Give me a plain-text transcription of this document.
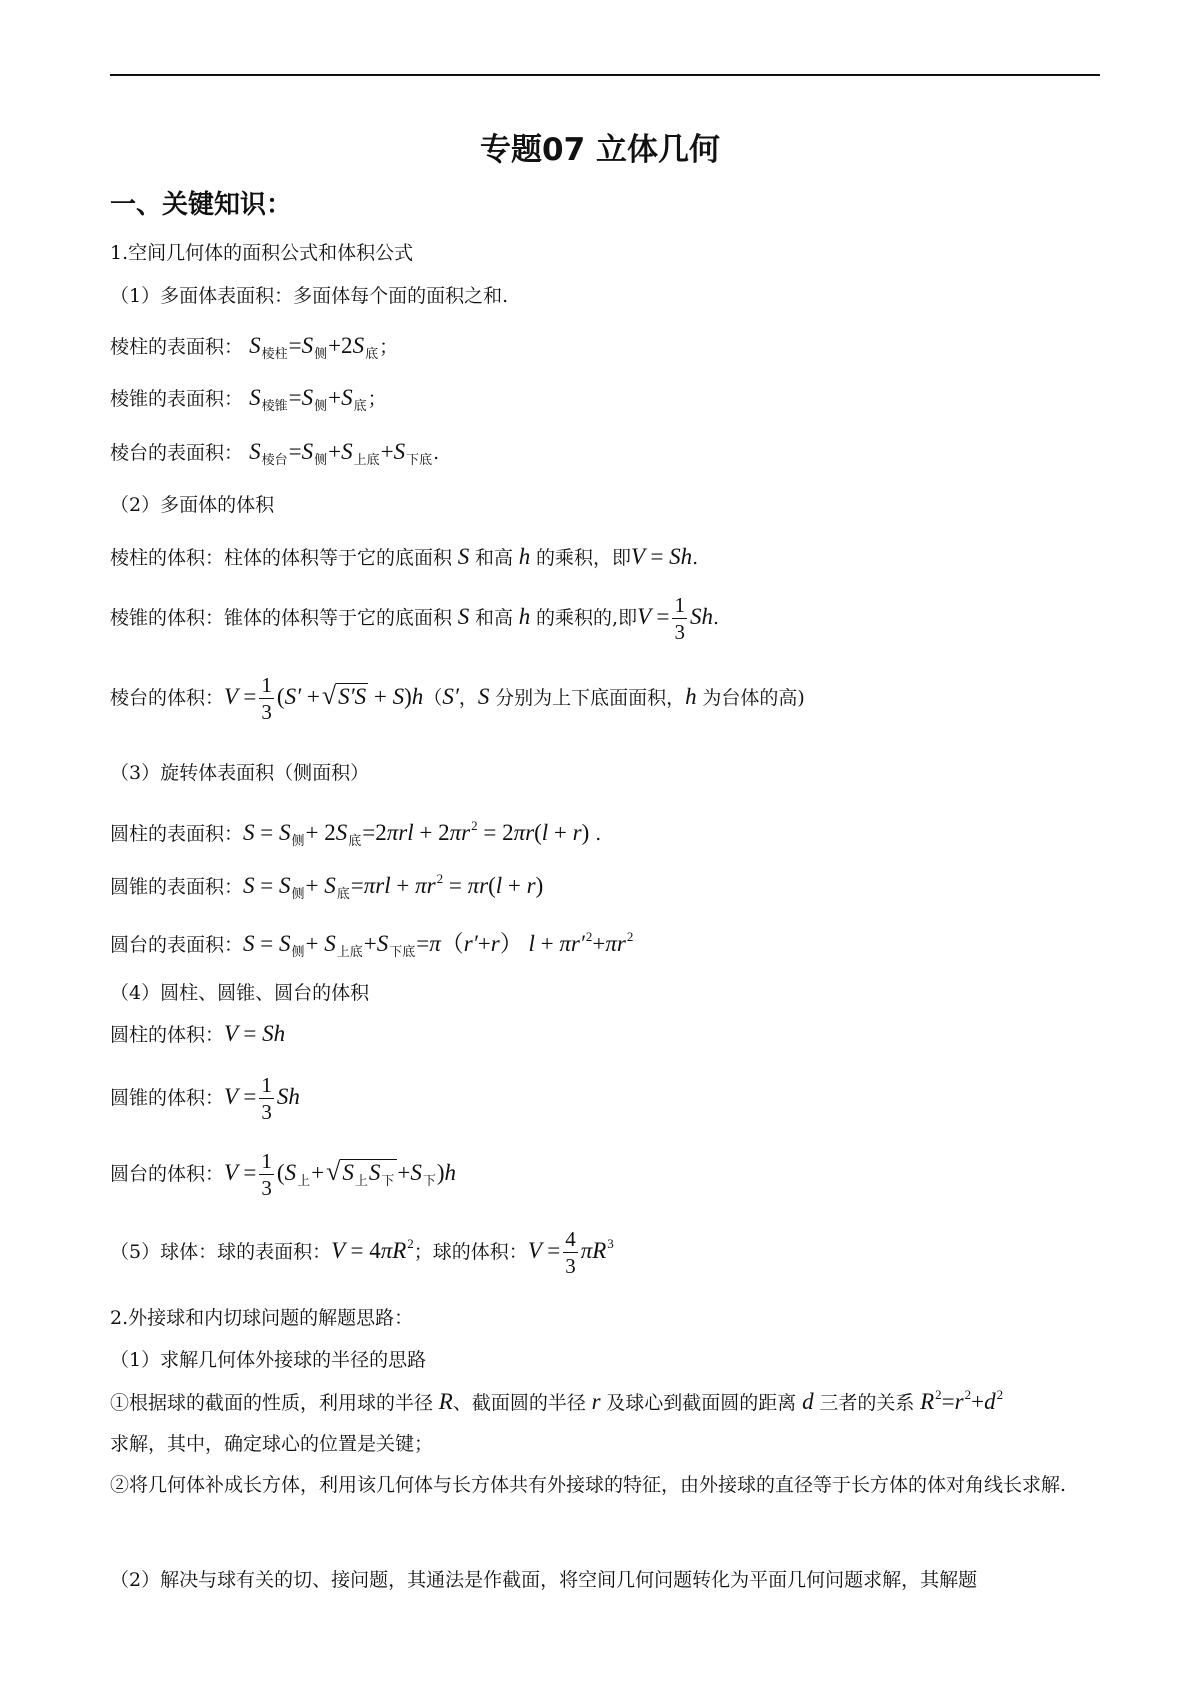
专题07 立体几何
一、关键知识：
1.空间几何体的面积公式和体积公式
（1）多面体表面积：多面体每个面的面积之和.
棱柱的表面积： $S_{棱柱}=S_侧+2S_底$；
棱锥的表面积： $S_{棱锥}=S_侧+S_底$；
棱台的表面积： $S_{棱台}=S_侧+S_{上底}+S_{下底}$.
（2）多面体的体积
棱柱的体积：柱体的体积等于它的底面积 S 和高 h 的乘积，即V = Sh.
棱锥的体积：锥体的体积等于它的底面积 S 和高 h 的乘积的,即$V = \frac{1}{3} Sh$.
棱台的体积：$V = \frac{1}{3} (S' +√S'S + S)h(S'$，S 分别为上下底面面积，h 为台体的高)
（3）旋转体表面积（侧面积）
圆柱的表面积：$S = S_侧+ 2S_底=2\pi rl + 2\pi r^2 = 2\pi r(l + r)$ .
圆锥的表面积：$S = S_侧+ S_底=\pi rl + \pi r^2 = \pi r(l + r)$
圆台的表面积：$S = S_侧+ S_{上底}+S_{下底}=\pi(r'+r) l + \pi r'^2+\pi r^2$
（4）圆柱、圆锥、圆台的体积
圆柱的体积：V = Sh
圆锥的体积：$V = \frac{1}{3}$ Sh
圆台的体积：$V = \frac{1}{3} (S_上+√S_上S_下 +S_下)h$
（5）球体：球的表面积：$V = 4\pi R^2$；球的体积：$V = \frac{4}{3} \pi R^3$
2.外接球和内切球问题的解题思路：
（1）求解几何体外接球的半径的思路
①根据球的截面的性质，利用球的半径 R、截面圆的半径 r 及球心到截面圆的距离 d 三者的关系 $R^2=r^2+d^2$
求解，其中，确定球心的位置是关键；
②将几何体补成长方体，利用该几何体与长方体共有外接球的特征，由外接球的直径等于长方体的体对角线长求解.
（2）解决与球有关的切、接问题，其通法是作截面，将空间几何问题转化为平面几何问题求解，其解题
